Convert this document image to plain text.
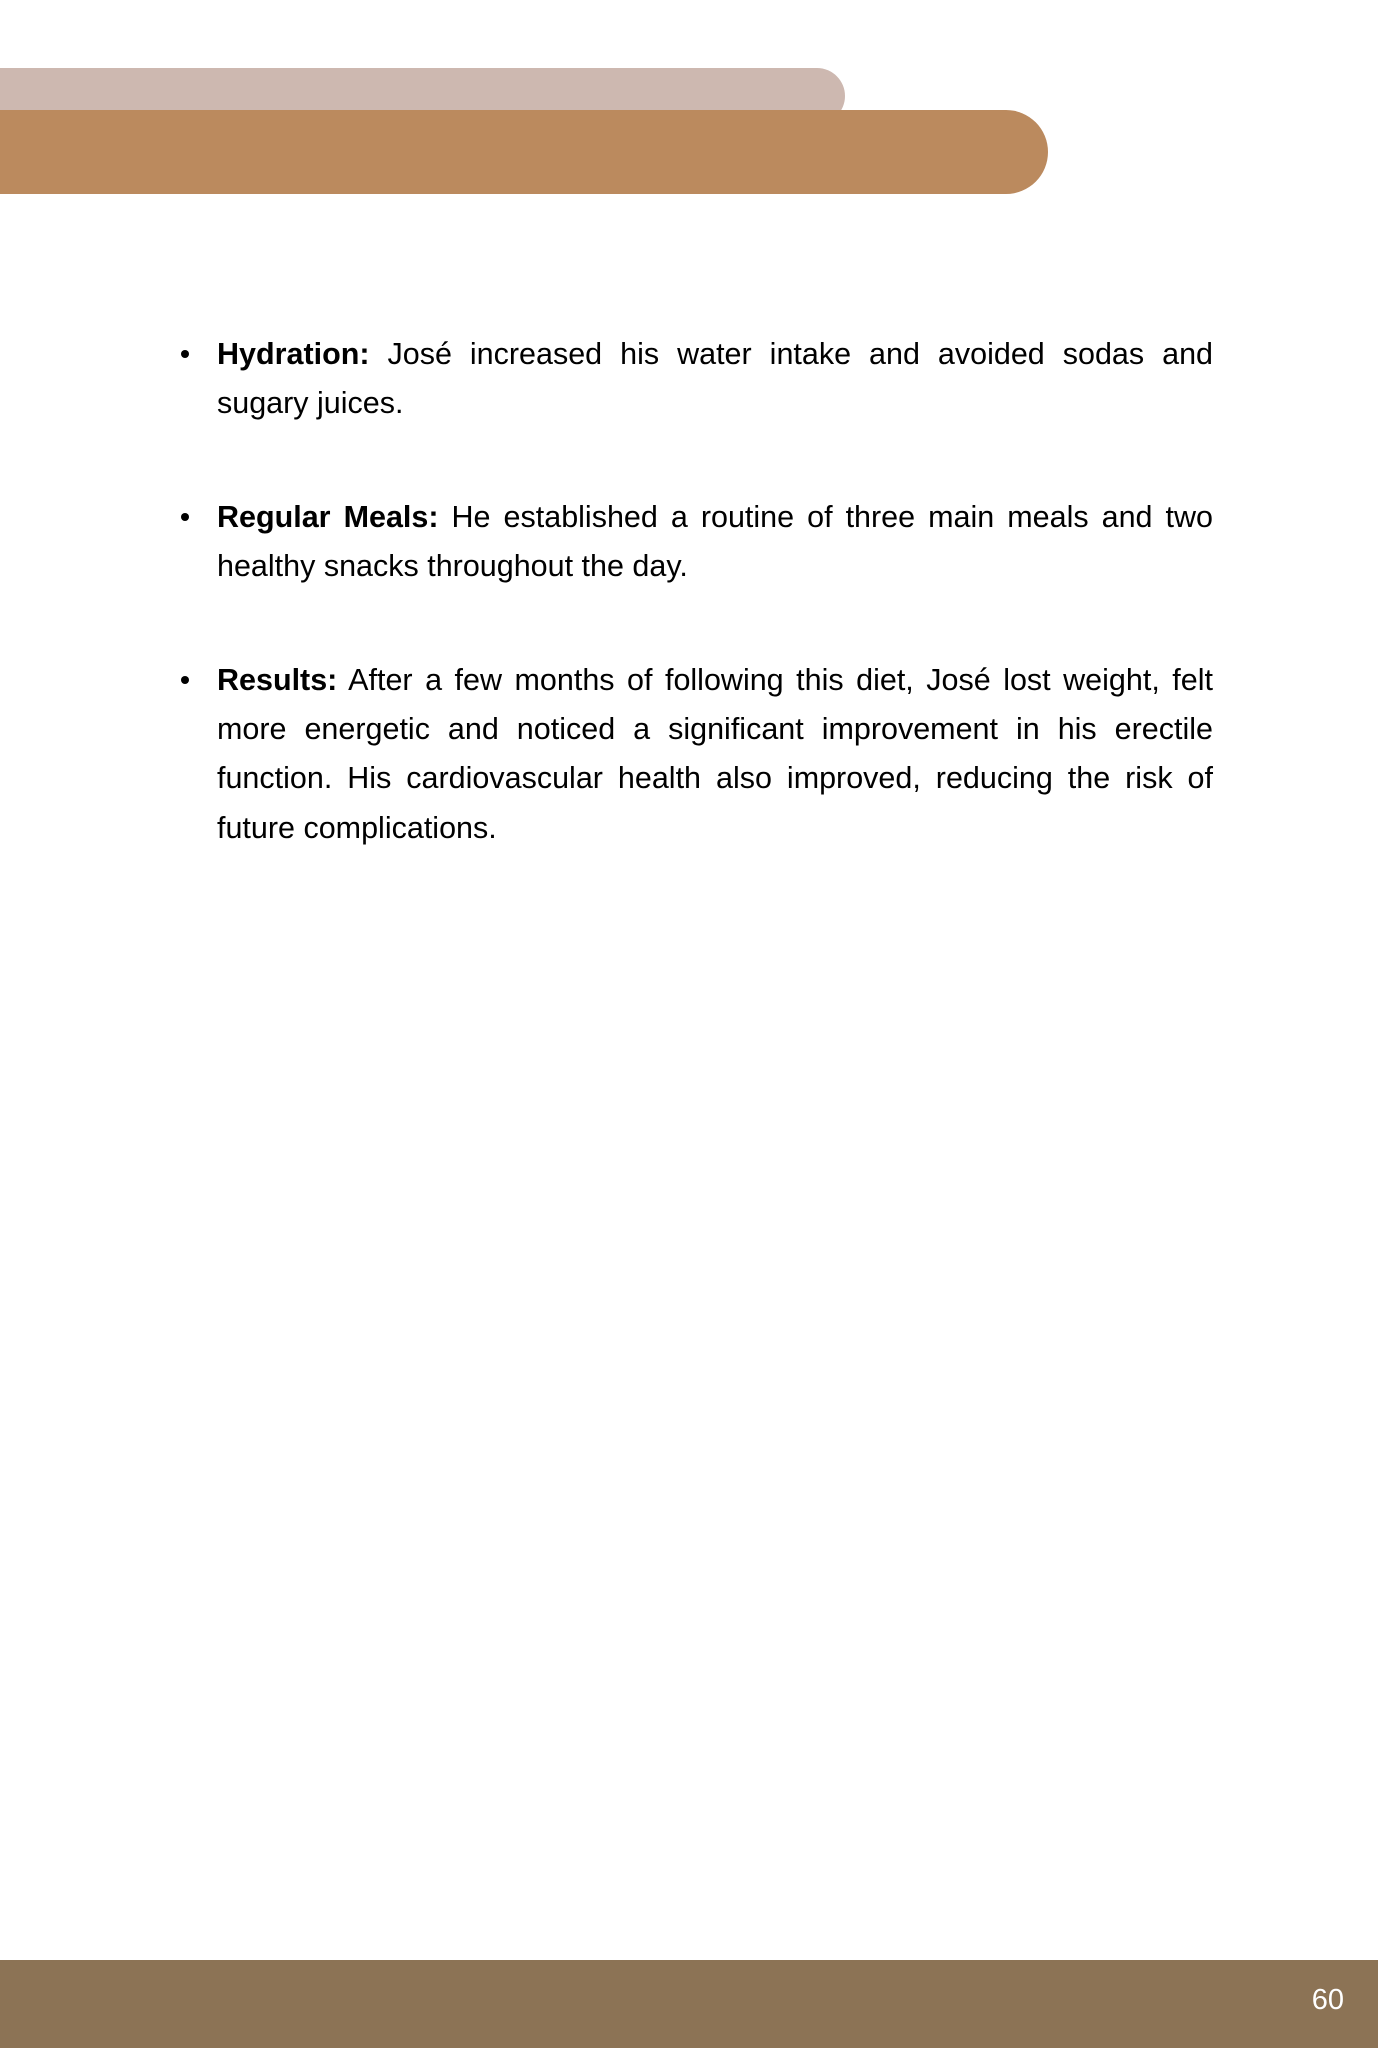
Hydration: José increased his water intake and avoided sodas and sugary juices.
Regular Meals: He established a routine of three main meals and two healthy snacks throughout the day.
Results: After a few months of following this diet, José lost weight, felt more energetic and noticed a significant improvement in his erectile function. His cardiovascular health also improved, reducing the risk of future complications.
60
